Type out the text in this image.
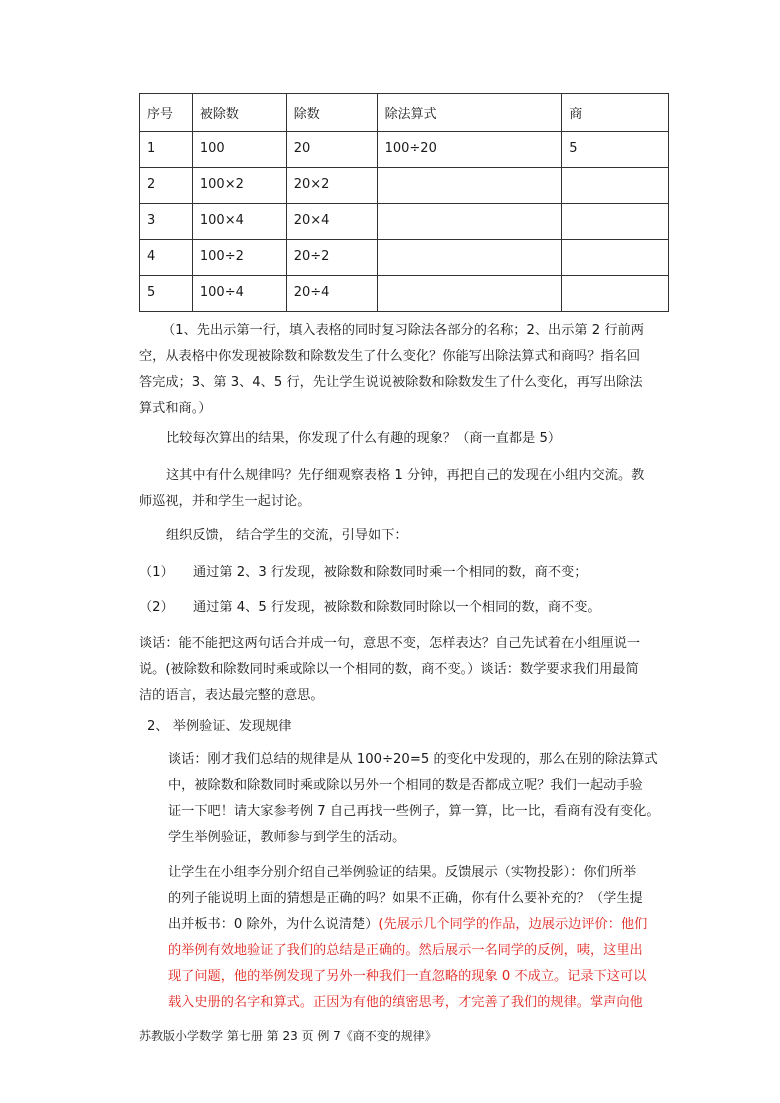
序号	被除数	除数	除法算式	商
1	100	20	100÷20	5
2	100×2	20×2		
3	100×4	20×4		
4	100÷2	20÷2		
5	100÷4	20÷4		
（1、先出示第一行，填入表格的同时复习除法各部分的名称；2、出示第 2 行前两
空，从表格中你发现被除数和除数发生了什么变化？你能写出除法算式和商吗？指名回
答完成；3、第 3、4、5 行，先让学生说说被除数和除数发生了什么变化，再写出除法
算式和商。）
比较每次算出的结果，你发现了什么有趣的现象？（商一直都是 5）
这其中有什么规律吗？先仔细观察表格 1 分钟，再把自己的发现在小组内交流。教
师巡视，并和学生一起讨论。
组织反馈， 结合学生的交流，引导如下：
（1） 通过第 2、3 行发现，被除数和除数同时乘一个相同的数，商不变；
（2） 通过第 4、5 行发现，被除数和除数同时除以一个相同的数，商不变。
谈话：能不能把这两句话合并成一句，意思不变，怎样表达？自己先试着在小组厘说一
说。(被除数和除数同时乘或除以一个相同的数，商不变。）谈话：数学要求我们用最简
洁的语言，表达最完整的意思。
2、 举例验证、发现规律
谈话：刚才我们总结的规律是从 100÷20=5 的变化中发现的，那么在别的除法算式
中，被除数和除数同时乘或除以另外一个相同的数是否都成立呢？我们一起动手验
证一下吧！请大家参考例 7 自己再找一些例子，算一算，比一比，看商有没有变化。
学生举例验证，教师参与到学生的活动。
让学生在小组李分别介绍自己举例验证的结果。反馈展示（实物投影）：你们所举
的列子能说明上面的猜想是正确的吗？如果不正确，你有什么要补充的？（学生提
出并板书：0 除外，为什么说清楚）(先展示几个同学的作品，边展示边评价：他们
的举例有效地验证了我们的总结是正确的。然后展示一名同学的反例，咦，这里出
现了问题，他的举例发现了另外一种我们一直忽略的现象 0 不成立。记录下这可以
载入史册的名字和算式。正因为有他的缜密思考，才完善了我们的规律。掌声向他
苏教版小学数学 第七册 第 23 页 例 7《商不变的规律》
